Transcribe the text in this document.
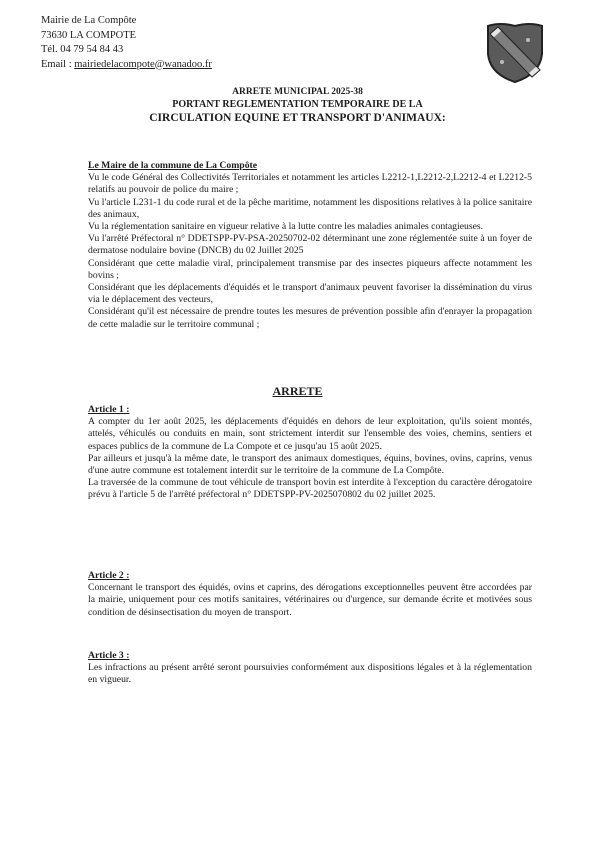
Mairie de La Compôte
73630 LA COMPOTE
Tél. 04 79 54 84 43
Email : mairiedelacompote@wanadoo.fr
ARRETE MUNICIPAL 2025-38
PORTANT REGLEMENTATION TEMPORAIRE DE LA
CIRCULATION EQUINE ET TRANSPORT D'ANIMAUX:

Le Maire de la commune de La Compôte

Vu le code Général des Collectivités Territoriales et notamment les articles L2212-1,L2212-2,L2212-4 et L2212-5 relatifs au pouvoir de police du maire ;

Vu l'article L231-1 du code rural et de la pêche maritime, notamment les dispositions relatives à la police sanitaire des animaux,

Vu la réglementation sanitaire en vigueur relative à la lutte contre les maladies animales contagieuses.

Vu l'arrêté Préfectoral n° DDETSPP-PV-PSA-20250702-02 déterminant une zone réglementée suite à un foyer de dermatose nodulaire bovine (DNCB) du 02 Juillet 2025

Considérant que cette maladie viral, principalement transmise par des insectes piqueurs affecte notamment les bovins ;

Considérant que les déplacements d'équidés et le transport d'animaux peuvent favoriser la dissémination du virus via le déplacement des vecteurs,

Considérant qu'il est nécessaire de prendre toutes les mesures de prévention possible afin d'enrayer la propagation de cette maladie sur le territoire communal ;

ARRETE

Article 1 :

A compter du 1er août 2025, les déplacements d'équidés en dehors de leur exploitation, qu'ils soient montés, attelés, véhiculés ou conduits en main, sont strictement interdit sur l'ensemble des voies, chemins, sentiers et espaces publics de la commune de La Compote et ce jusqu'au 15 août 2025.

Par ailleurs et jusqu'à la même date, le transport des animaux domestiques, équins, bovines, ovins, caprins, venus d'une autre commune est totalement interdit sur le territoire de la commune de La Compôte.

La traversée de la commune de tout véhicule de transport bovin est interdite à l'exception du caractère dérogatoire prévu à l'article 5 de l'arrêté préfectoral n° DDETSPP-PV-2025070802 du 02 juillet 2025.

Article 2 :

Concernant le transport des équidés, ovins et caprins, des dérogations exceptionnelles peuvent être accordées par la mairie, uniquement pour ces motifs sanitaires, vétérinaires ou d'urgence, sur demande écrite et motivées sous condition de désinsectisation du moyen de transport.

Article 3 :

Les infractions au présent arrêté seront poursuivies conformément aux dispositions légales et à la réglementation en vigueur.
